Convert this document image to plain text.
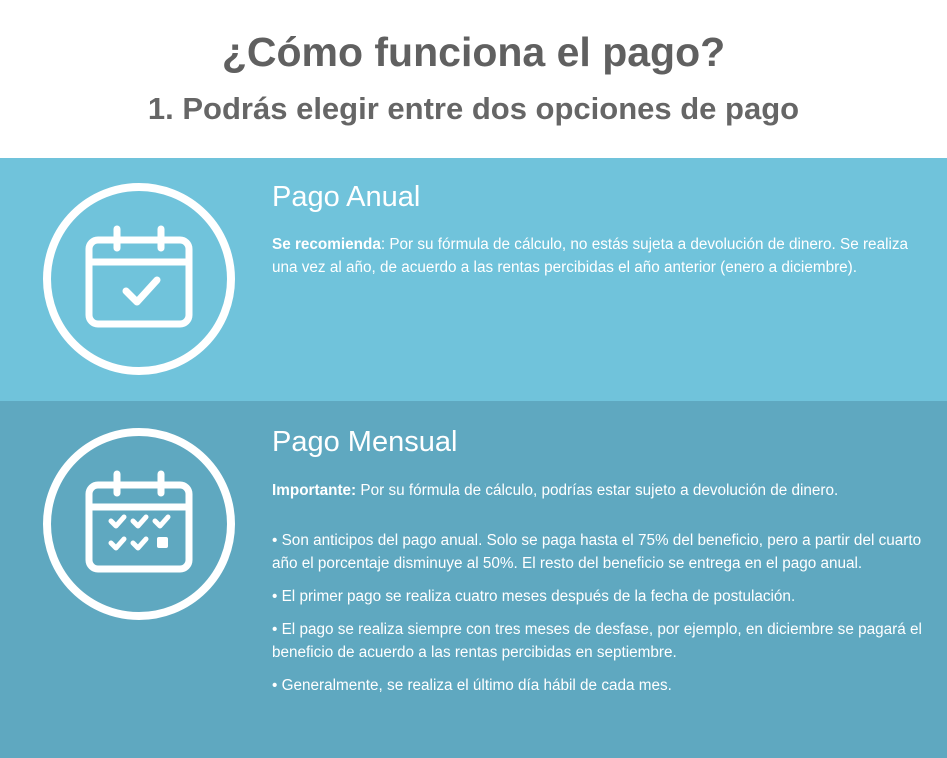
¿Cómo funciona el pago?
1. Podrás elegir entre dos opciones de pago
Pago Anual

Se recomienda: Por su fórmula de cálculo, no estás sujeta a devolución de dinero. Se realiza una vez al año, de acuerdo a las rentas percibidas el año anterior (enero a diciembre).

Pago Mensual

Importante: Por su fórmula de cálculo, podrías estar sujeto a devolución de dinero.

• Son anticipos del pago anual. Solo se paga hasta el 75% del beneficio, pero a partir del cuarto año el porcentaje disminuye al 50%. El resto del beneficio se entrega en el pago anual.

• El primer pago se realiza cuatro meses después de la fecha de postulación.

• El pago se realiza siempre con tres meses de desfase, por ejemplo, en diciembre se pagará el beneficio de acuerdo a las rentas percibidas en septiembre.

• Generalmente, se realiza el último día hábil de cada mes.
